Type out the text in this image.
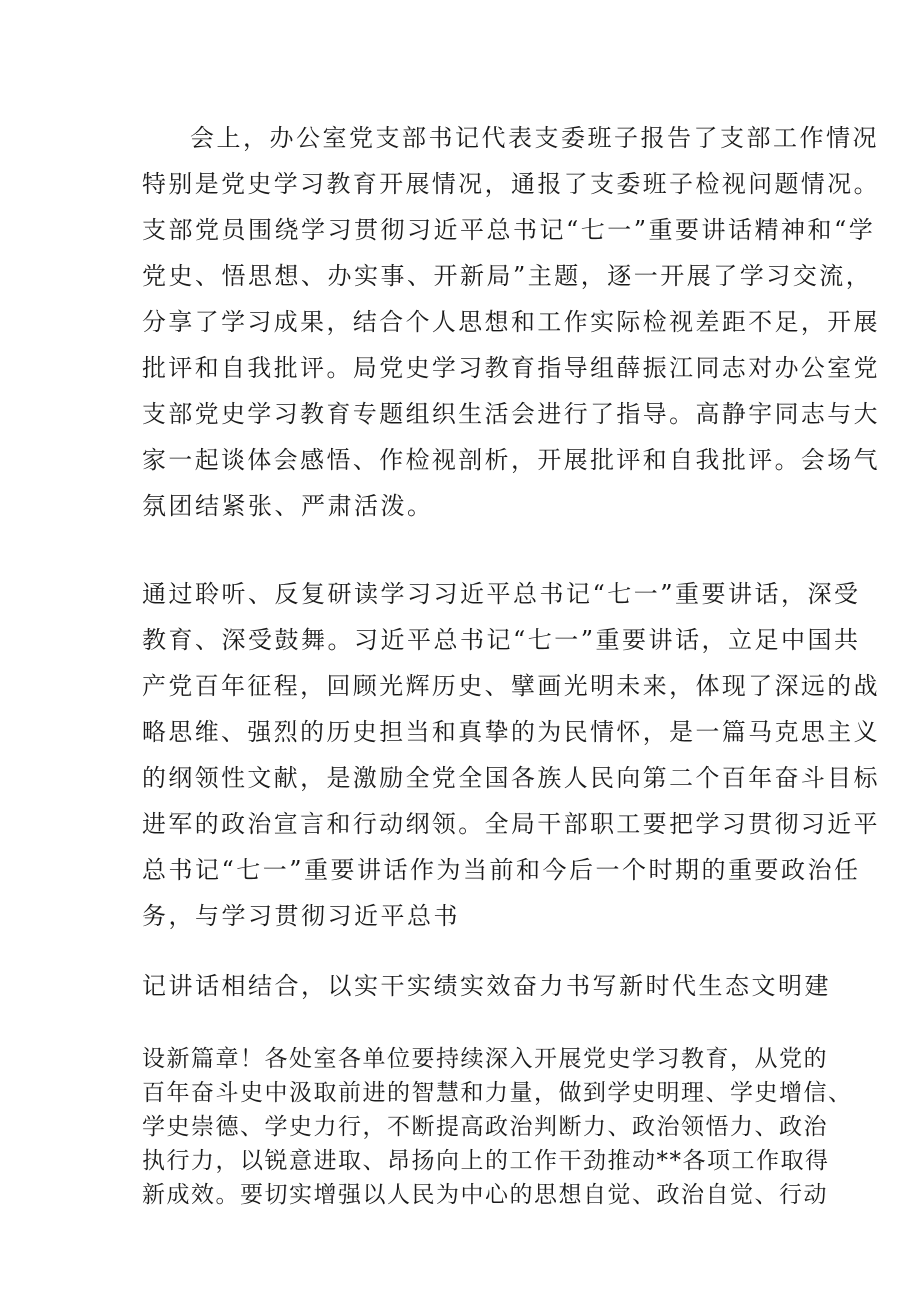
会上，办公室党支部书记代表支委班子报告了支部工作情况
特别是党史学习教育开展情况，通报了支委班子检视问题情况。
支部党员围绕学习贯彻习近平总书记“七一”重要讲话精神和“学
党史、悟思想、办实事、开新局”主题，逐一开展了学习交流，
分享了学习成果，结合个人思想和工作实际检视差距不足，开展
批评和自我批评。局党史学习教育指导组薛振江同志对办公室党
支部党史学习教育专题组织生活会进行了指导。高静宇同志与大
家一起谈体会感悟、作检视剖析，开展批评和自我批评。会场气
氛团结紧张、严肃活泼。
通过聆听、反复研读学习习近平总书记“七一”重要讲话，深受
教育、深受鼓舞。习近平总书记“七一”重要讲话，立足中国共
产党百年征程，回顾光辉历史、擘画光明未来，体现了深远的战
略思维、强烈的历史担当和真挚的为民情怀，是一篇马克思主义
的纲领性文献，是激励全党全国各族人民向第二个百年奋斗目标
进军的政治宣言和行动纲领。全局干部职工要把学习贯彻习近平
总书记“七一”重要讲话作为当前和今后一个时期的重要政治任
务，与学习贯彻习近平总书
记讲话相结合，以实干实绩实效奋力书写新时代生态文明建
设新篇章！各处室各单位要持续深入开展党史学习教育，从党的
百年奋斗史中汲取前进的智慧和力量，做到学史明理、学史增信、
学史崇德、学史力行，不断提高政治判断力、政治领悟力、政治
执行力，以锐意进取、昂扬向上的工作干劲推动**各项工作取得
新成效。要切实增强以人民为中心的思想自觉、政治自觉、行动
